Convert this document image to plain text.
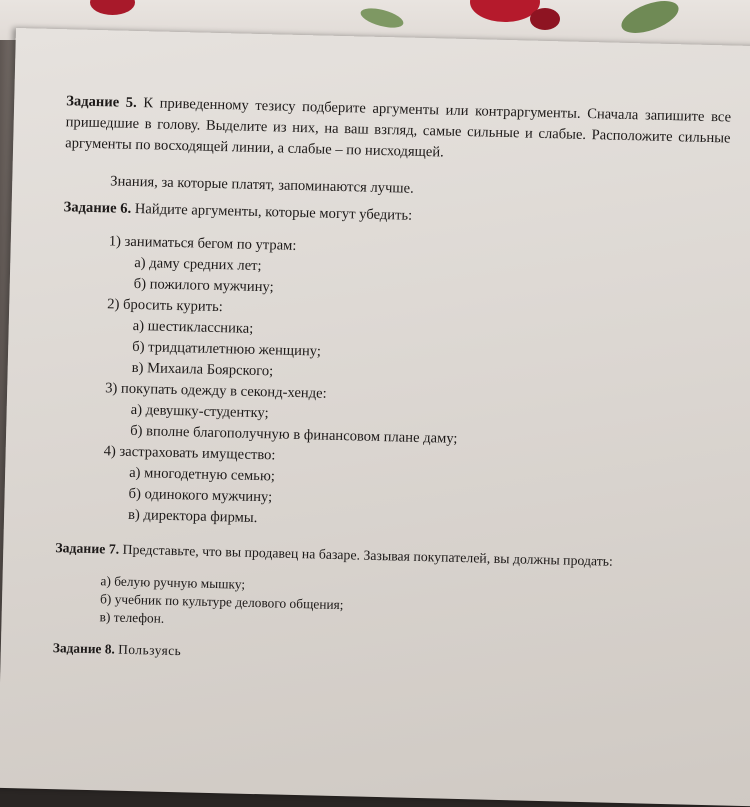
Задание 5. К приведенному тезису подберите аргументы или контраргументы. Сначала запишите все пришедшие в голову. Выделите из них, на ваш взгляд, самые сильные и слабые. Расположите сильные аргументы по восходящей линии, а слабые – по нисходящей.

Знания, за которые платят, запоминаются лучше.

Задание 6. Найдите аргументы, которые могут убедить:

1) заниматься бегом по утрам:

а) даму средних лет;

б) пожилого мужчину;

2) бросить курить:

а) шестиклассника;

б) тридцатилетнюю женщину;

в) Михаила Боярского;

3) покупать одежду в секонд-хенде:

а) девушку-студентку;

б) вполне благополучную в финансовом плане даму;

4) застраховать имущество:

а) многодетную семью;

б) одинокого мужчину;

в) директора фирмы.

Задание 7. Представьте, что вы продавец на базаре. Зазывая покупателей, вы должны продать:

а) белую ручную мышку;

б) учебник по культуре делового общения;

в) телефон.

Задание 8. Пользуясь
